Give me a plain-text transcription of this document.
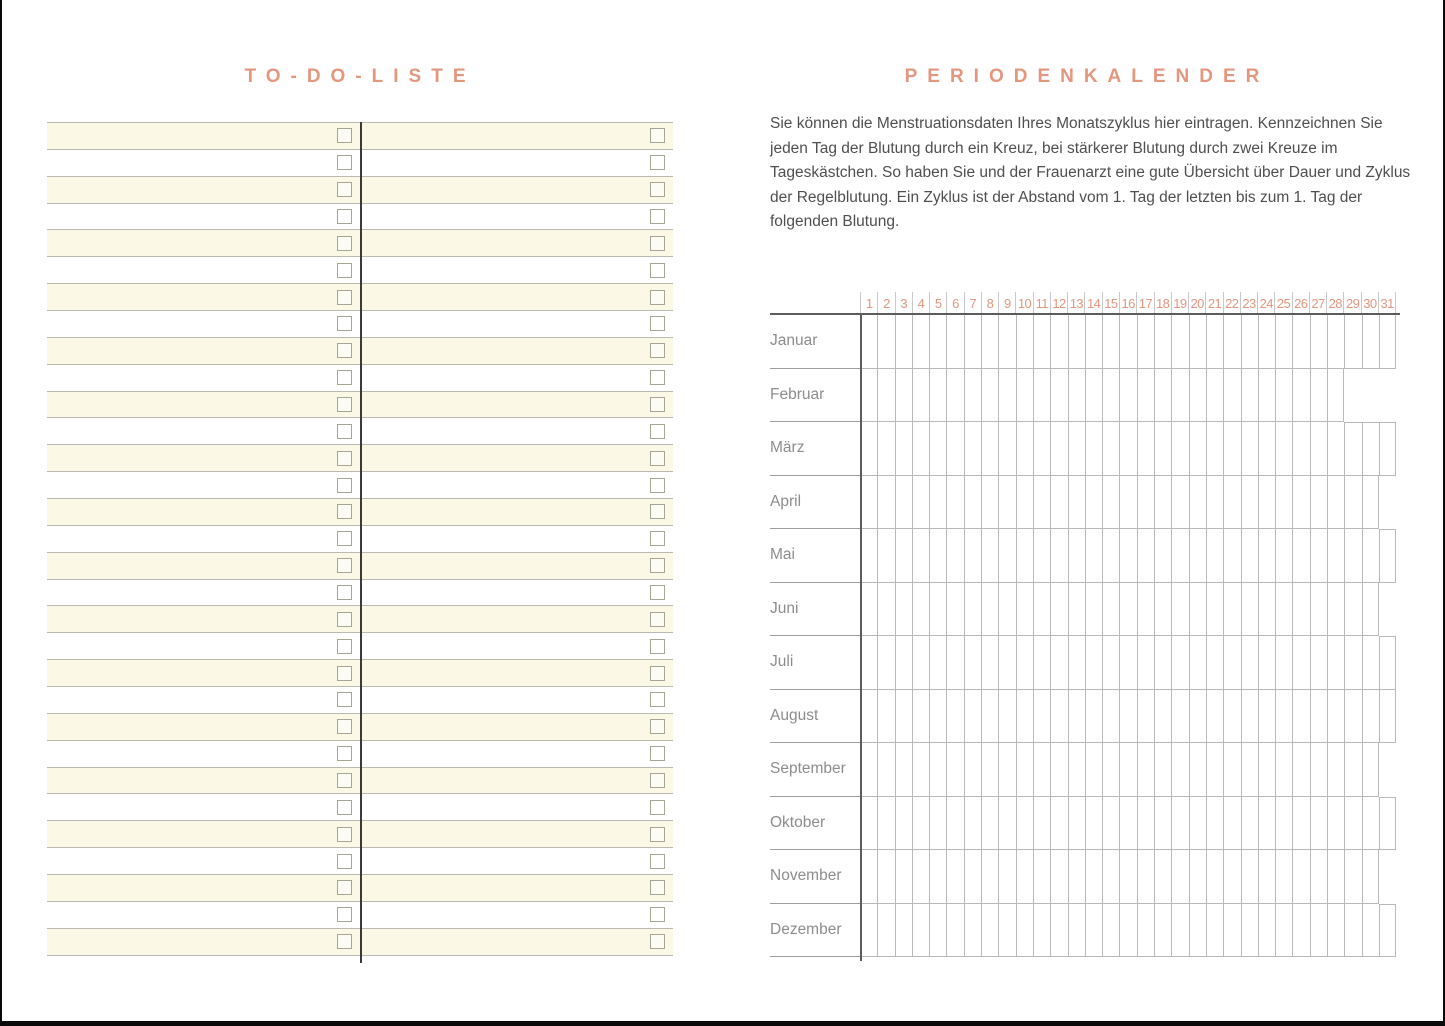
TO-DO-LISTE	PERIODENKALENDER

Sie können die Menstruationsdaten Ihres Monatszyklus hier eintragen. Kennzeichnen Sie jeden Tag der Blutung durch ein Kreuz, bei stärkerer Blutung durch zwei Kreuze im Tageskästchen. So haben Sie und der Frauenarzt eine gute Übersicht über Dauer und Zyklus der Regelblutung. Ein Zyklus ist der Abstand vom 1. Tag der letzten bis zum 1. Tag der folgenden Blutung.

1 2 3 4 5 6 7 8 9 10 11 12 13 14 15 16 17 18 19 20 21 22 23 24 25 26 27 28 29 30 31
Januar
Februar
März
April
Mai
Juni
Juli
August
September
Oktober
November
Dezember
